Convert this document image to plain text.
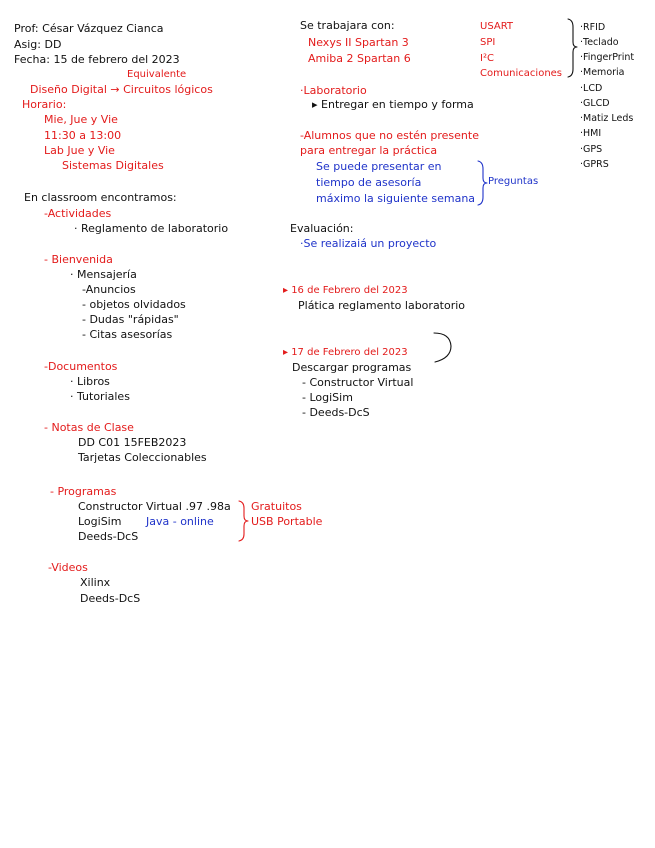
Prof: César Vázquez Cianca
Asig: DD
Fecha: 15 de febrero del 2023
Equivalente
Diseño Digital → Circuitos lógicos
Horario:
Mie, Jue y Vie
11:30 a 13:00
Lab Jue y Vie
Sistemas Digitales
En classroom encontramos:
-Actividades
· Reglamento de laboratorio
- Bienvenida
· Mensajería
-Anuncios
- objetos olvidados
- Dudas "rápidas"
- Citas asesorías
-Documentos
· Libros
· Tutoriales
- Notas de Clase
DD C01 15FEB2023
Tarjetas Coleccionables
- Programas
Constructor Virtual .97 .98a
LogiSim Java - online
Deeds-DcS
Gratuitos
USB Portable
-Videos
Xilinx
Deeds-DcS
Se trabajara con:
Nexys II Spartan 3
Amiba 2 Spartan 6
USART
SPI
I²C
Comunicaciones
·RFID
·Teclado
·FingerPrint
·Memoria
·LCD
·GLCD
·Matiz Leds
·HMI
·GPS
·GPRS
·Laboratorio
▸ Entregar en tiempo y forma
-Alumnos que no estén presente
para entregar la práctica
Se puede presentar en
tiempo de asesoría
máximo la siguiente semana
Preguntas
Evaluación:
·Se realizaiá un proyecto
▸ 16 de Febrero del 2023
Plática reglamento laboratorio
▸ 17 de Febrero del 2023
Descargar programas
- Constructor Virtual
- LogiSim
- Deeds-DcS
